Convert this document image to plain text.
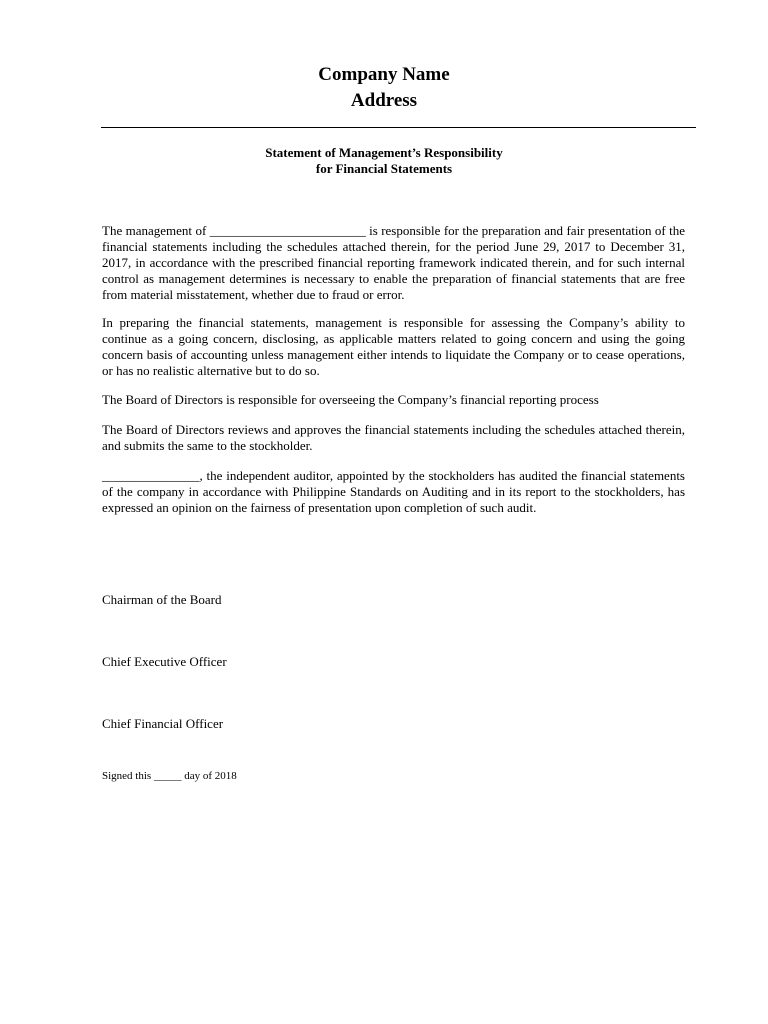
Company Name
Address
Statement of Management’s Responsibility
for Financial Statements
The management of ________________________ is responsible for the preparation and fair presentation of the financial statements including the schedules attached therein, for the period June 29, 2017 to December 31, 2017, in accordance with the prescribed financial reporting framework indicated therein, and for such internal control as management determines is necessary to enable the preparation of financial statements that are free from material misstatement, whether due to fraud or error.
In preparing the financial statements, management is responsible for assessing the Company’s ability to continue as a going concern, disclosing, as applicable matters related to going concern and using the going concern basis of accounting unless management either intends to liquidate the Company or to cease operations, or has no realistic alternative but to do so.
The Board of Directors is responsible for overseeing the Company’s financial reporting process
The Board of Directors reviews and approves the financial statements including the schedules attached therein, and submits the same to the stockholder.
_______________, the independent auditor, appointed by the stockholders has audited the financial statements of the company in accordance with Philippine Standards on Auditing and in its report to the stockholders, has expressed an opinion on the fairness of presentation upon completion of such audit.
Chairman of the Board
Chief Executive Officer
Chief Financial Officer
Signed this _____ day of 2018
